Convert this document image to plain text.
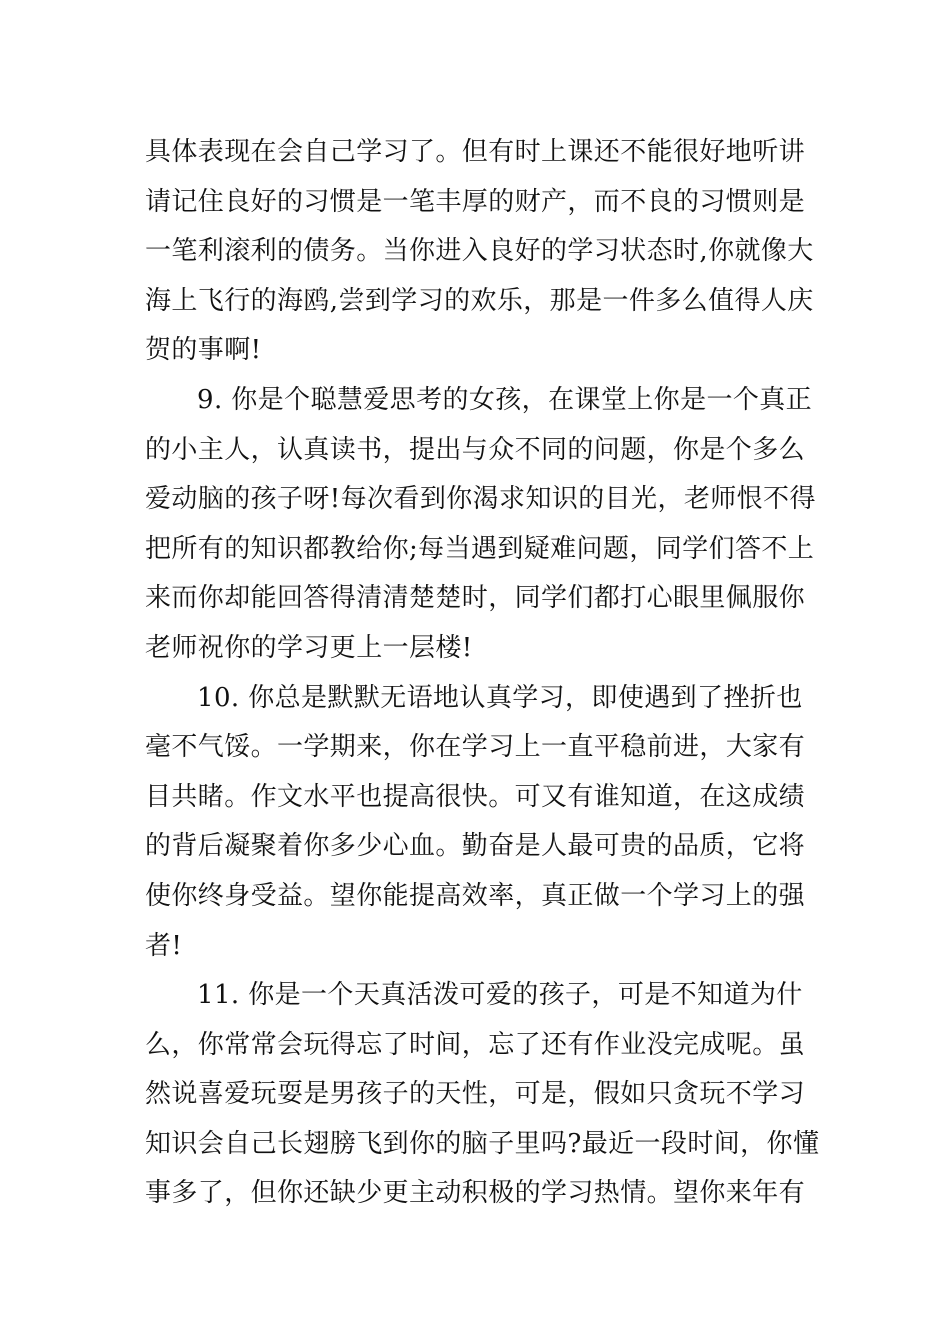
具体表现在会自己学习了。但有时上课还不能很好地听讲
请记住良好的习惯是一笔丰厚的财产，而不良的习惯则是
一笔利滚利的债务。当你进入良好的学习状态时,你就像大
海上飞行的海鸥,尝到学习的欢乐，那是一件多么值得人庆
贺的事啊!
9. 你是个聪慧爱思考的女孩，在课堂上你是一个真正
的小主人，认真读书，提出与众不同的问题，你是个多么
爱动脑的孩子呀!每次看到你渴求知识的目光，老师恨不得
把所有的知识都教给你;每当遇到疑难问题，同学们答不上
来而你却能回答得清清楚楚时，同学们都打心眼里佩服你
老师祝你的学习更上一层楼!
10. 你总是默默无语地认真学习，即使遇到了挫折也
毫不气馁。一学期来，你在学习上一直平稳前进，大家有
目共睹。作文水平也提高很快。可又有谁知道，在这成绩
的背后凝聚着你多少心血。勤奋是人最可贵的品质，它将
使你终身受益。望你能提高效率，真正做一个学习上的强
者!
11. 你是一个天真活泼可爱的孩子，可是不知道为什
么，你常常会玩得忘了时间，忘了还有作业没完成呢。虽
然说喜爱玩耍是男孩子的天性，可是，假如只贪玩不学习
知识会自己长翅膀飞到你的脑子里吗?最近一段时间，你懂
事多了，但你还缺少更主动积极的学习热情。望你来年有
